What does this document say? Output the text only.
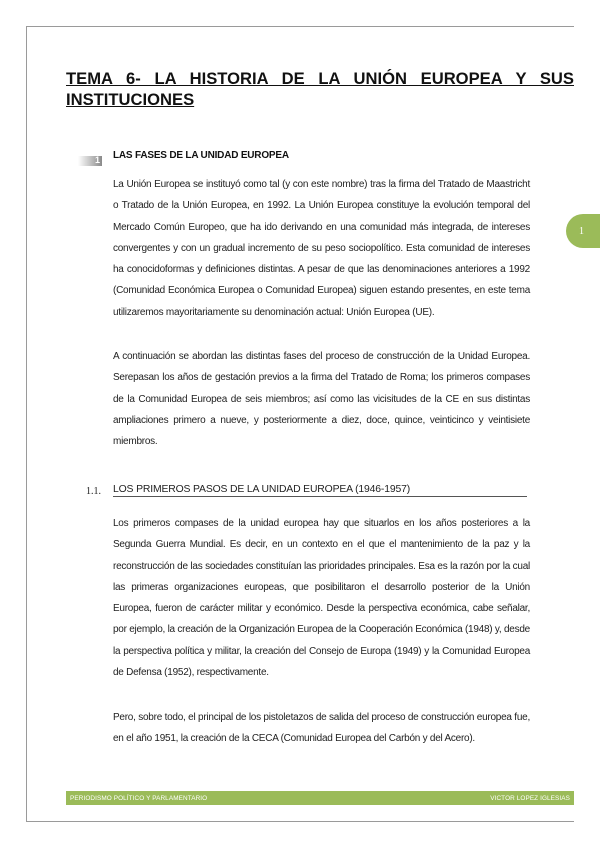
1
TEMA 6- LA HISTORIA DE LA UNIÓN EUROPEA Y SUS INSTITUCIONES
1 LAS FASES DE LA UNIDAD EUROPEA

La Unión Europea se instituyó como tal (y con este nombre) tras la firma del Tratado de Maastricht o Tratado de la Unión Europea, en 1992. La Unión Europea constituye la evolución temporal del Mercado Común Europeo, que ha ido derivando en una comunidad más integrada, de intereses convergentes y con un gradual incremento de su peso sociopolítico. Esta comunidad de intereses ha conocidoformas y definiciones distintas. A pesar de que las denominaciones anteriores a 1992 (Comunidad Económica Europea o Comunidad Europea) siguen estando presentes, en este tema utilizaremos mayoritariamente su denominación actual: Unión Europea (UE).

A continuación se abordan las distintas fases del proceso de construcción de la Unidad Europea. Serepasan los años de gestación previos a la firma del Tratado de Roma; los primeros compases de la Comunidad Europea de seis miembros; así como las vicisitudes de la CE en sus distintas ampliaciones primero a nueve, y posteriormente a diez, doce, quince, veinticinco y veintisiete miembros.

1.1. LOS PRIMEROS PASOS DE LA UNIDAD EUROPEA (1946-1957)

Los primeros compases de la unidad europea hay que situarlos en los años posteriores a la Segunda Guerra Mundial. Es decir, en un contexto en el que el mantenimiento de la paz y la reconstrucción de las sociedades constituían las prioridades principales. Esa es la razón por la cual las primeras organizaciones europeas, que posibilitaron el desarrollo posterior de la Unión Europea, fueron de carácter militar y económico. Desde la perspectiva económica, cabe señalar, por ejemplo, la creación de la Organización Europea de la Cooperación Económica (1948) y, desde la perspectiva política y militar, la creación del Consejo de Europa (1949) y la Comunidad Europea de Defensa (1952), respectivamente.

Pero, sobre todo, el principal de los pistoletazos de salida del proceso de construcción europea fue, en el año 1951, la creación de la CECA (Comunidad Europea del Carbón y del Acero).

PERIODISMO POLÍTICO Y PARLAMENTARIO	VICTOR LOPEZ IGLESIAS
